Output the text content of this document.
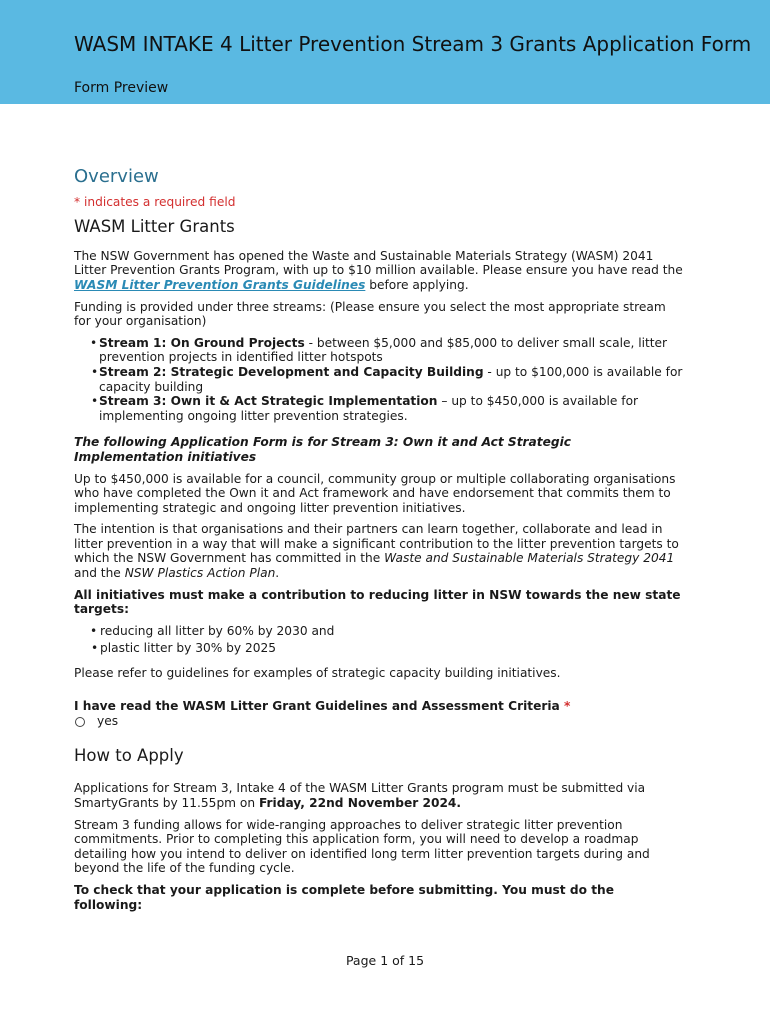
WASM INTAKE 4 Litter Prevention Stream 3 Grants Application Form
Form Preview
Overview
* indicates a required field
WASM Litter Grants

The NSW Government has opened the Waste and Sustainable Materials Strategy (WASM) 2041 Litter Prevention Grants Program, with up to $10 million available. Please ensure you have read the WASM Litter Prevention Grants Guidelines before applying.

Funding is provided under three streams: (Please ensure you select the most appropriate stream for your organisation)

• Stream 1: On Ground Projects - between $5,000 and $85,000 to deliver small scale, litter prevention projects in identified litter hotspots
• Stream 2: Strategic Development and Capacity Building - up to $100,000 is available for capacity building
• Stream 3: Own it & Act Strategic Implementation – up to $450,000 is available for implementing ongoing litter prevention strategies.

The following Application Form is for Stream 3: Own it and Act Strategic Implementation initiatives

Up to $450,000 is available for a council, community group or multiple collaborating organisations who have completed the Own it and Act framework and have endorsement that commits them to implementing strategic and ongoing litter prevention initiatives.

The intention is that organisations and their partners can learn together, collaborate and lead in litter prevention in a way that will make a significant contribution to the litter prevention targets to which the NSW Government has committed in the Waste and Sustainable Materials Strategy 2041 and the NSW Plastics Action Plan.

All initiatives must make a contribution to reducing litter in NSW towards the new state targets:

• reducing all litter by 60% by 2030 and
• plastic litter by 30% by 2025

Please refer to guidelines for examples of strategic capacity building initiatives.

I have read the WASM Litter Grant Guidelines and Assessment Criteria *
yes
How to Apply

Applications for Stream 3, Intake 4 of the WASM Litter Grants program must be submitted via SmartyGrants by 11.55pm on Friday, 22nd November 2024.

Stream 3 funding allows for wide-ranging approaches to deliver strategic litter prevention commitments. Prior to completing this application form, you will need to develop a roadmap detailing how you intend to deliver on identified long term litter prevention targets during and beyond the life of the funding cycle.

To check that your application is complete before submitting. You must do the following:

Page 1 of 15
